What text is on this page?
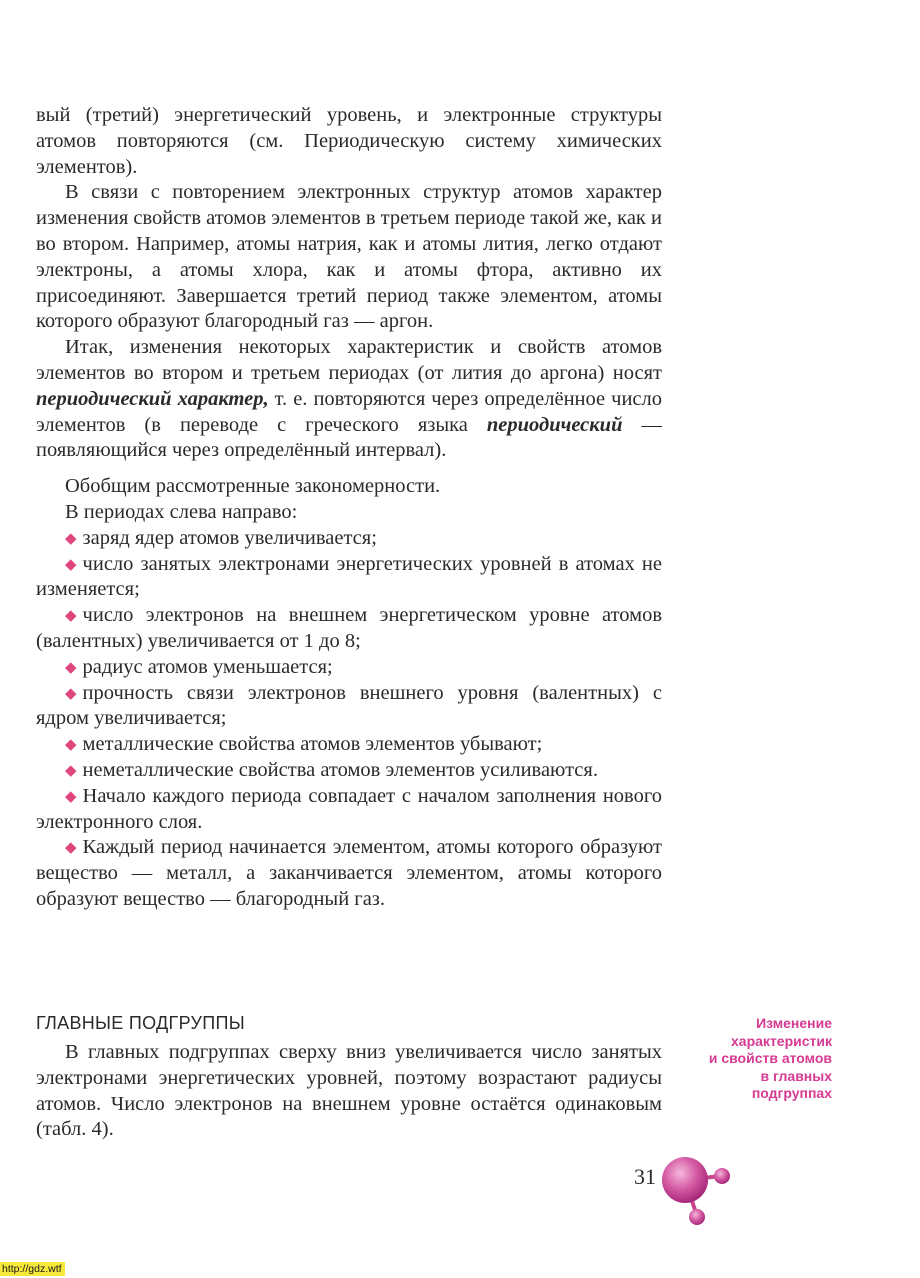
вый (третий) энергетический уровень, и электронные структуры атомов повторяются (см. Периодическую систему химических элементов).

В связи с повторением электронных структур атомов характер изменения свойств атомов элементов в третьем периоде такой же, как и во втором. Например, атомы натрия, как и атомы лития, легко отдают электроны, а атомы хлора, как и атомы фтора, активно их присоединяют. Завершается третий период также элементом, атомы которого образуют благородный газ — аргон.

Итак, изменения некоторых характеристик и свойств атомов элементов во втором и третьем периодах (от лития до аргона) носят периодический характер, т. е. повторяются через определённое число элементов (в переводе с греческого языка периодический — появляющийся через определённый интервал).

Обобщим рассмотренные закономерности.

В периодах слева направо:

◆ заряд ядер атомов увеличивается;

◆ число занятых электронами энергетических уровней в атомах не изменяется;

◆ число электронов на внешнем энергетическом уровне атомов (валентных) увеличивается от 1 до 8;

◆ радиус атомов уменьшается;

◆ прочность связи электронов внешнего уровня (валентных) с ядром увеличивается;

◆ металлические свойства атомов элементов убывают;

◆ неметаллические свойства атомов элементов усиливаются.

◆ Начало каждого периода совпадает с началом заполнения нового электронного слоя.

◆ Каждый период начинается элементом, атомы которого образуют вещество — металл, а заканчивается элементом, атомы которого образуют вещество — благородный газ.

ГЛАВНЫЕ ПОДГРУППЫ

В главных подгруппах сверху вниз увеличивается число занятых электронами энергетических уровней, поэтому возрастают радиусы атомов. Число электронов на внешнем уровне остаётся одинаковым (табл. 4).

Изменение
характеристик
и свойств атомов
в главных
подгруппах
31
http://gdz.wtf
